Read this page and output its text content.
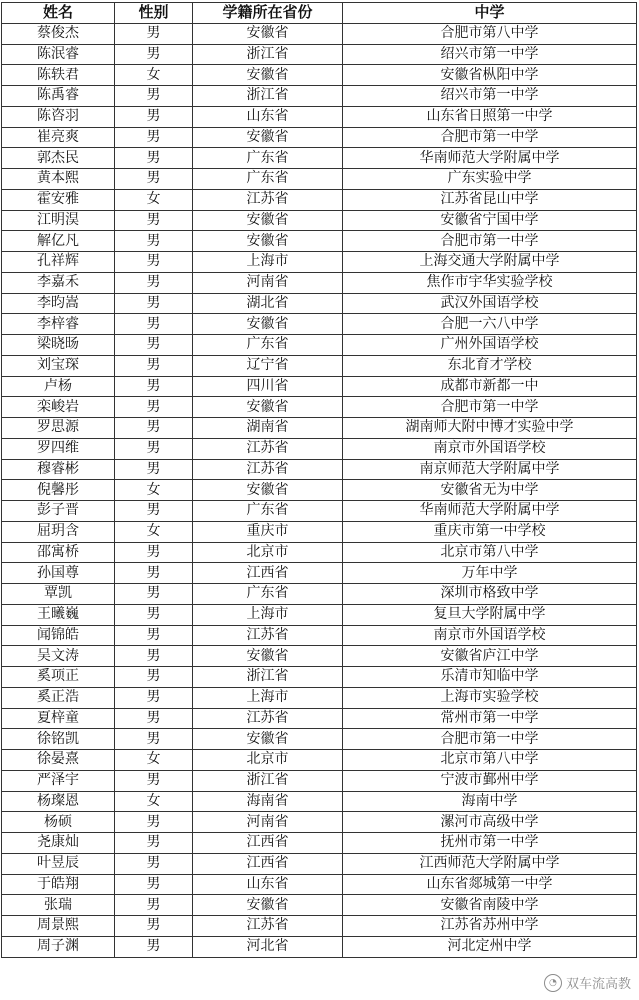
姓名	性别	学籍所在省份	中学
蔡俊杰	男	安徽省	合肥市第八中学
陈泯睿	男	浙江省	绍兴市第一中学
陈轶君	女	安徽省	安徽省枞阳中学
陈禹睿	男	浙江省	绍兴市第一中学
陈咨羽	男	山东省	山东省日照第一中学
崔亮爽	男	安徽省	合肥市第一中学
郭杰民	男	广东省	华南师范大学附属中学
黄本熙	男	广东省	广东实验中学
霍安雅	女	江苏省	江苏省昆山中学
江明淏	男	安徽省	安徽省宁国中学
解亿凡	男	安徽省	合肥市第一中学
孔祥辉	男	上海市	上海交通大学附属中学
李嘉禾	男	河南省	焦作市宇华实验学校
李昀嵩	男	湖北省	武汉外国语学校
李梓睿	男	安徽省	合肥一六八中学
梁晓旸	男	广东省	广州外国语学校
刘宝琛	男	辽宁省	东北育才学校
卢杨	男	四川省	成都市新都一中
栾峻岩	男	安徽省	合肥市第一中学
罗思源	男	湖南省	湖南师大附中博才实验中学
罗四维	男	江苏省	南京市外国语学校
穆睿彬	男	江苏省	南京师范大学附属中学
倪馨彤	女	安徽省	安徽省无为中学
彭子晋	男	广东省	华南师范大学附属中学
屈玥含	女	重庆市	重庆市第一中学校
邵寓桥	男	北京市	北京市第八中学
孙国尊	男	江西省	万年中学
覃凯	男	广东省	深圳市格致中学
王曦巍	男	上海市	复旦大学附属中学
闻锦皓	男	江苏省	南京市外国语学校
吴文涛	男	安徽省	安徽省庐江中学
奚项正	男	浙江省	乐清市知临中学
奚正浩	男	上海市	上海市实验学校
夏梓童	男	江苏省	常州市第一中学
徐铭凯	男	安徽省	合肥市第一中学
徐晏熹	女	北京市	北京市第八中学
严泽宇	男	浙江省	宁波市鄞州中学
杨璨恩	女	海南省	海南中学
杨硕	男	河南省	漯河市高级中学
尧康灿	男	江西省	抚州市第一中学
叶昱辰	男	江西省	江西师范大学附属中学
于皓翔	男	山东省	山东省郯城第一中学
张瑞	男	安徽省	安徽省南陵中学
周景熙	男	江苏省	江苏省苏州中学
周子渊	男	河北省	河北定州中学
◔ 双车流高教
